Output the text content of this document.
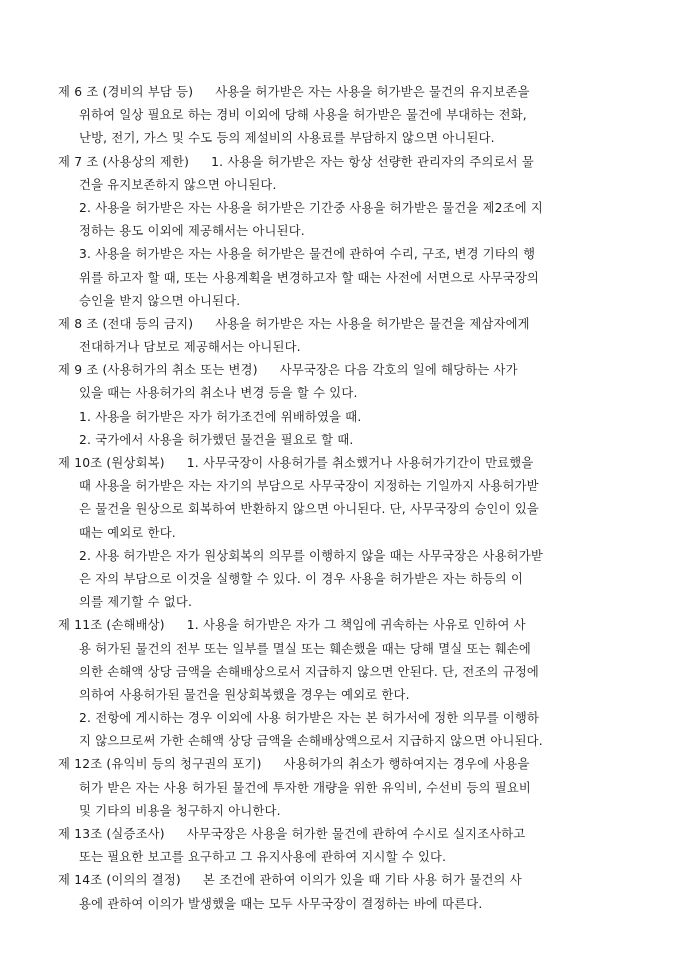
제 6 조 (경비의 부담 등) 사용을 허가받은 자는 사용을 허가받은 물건의 유지보존을
위하여 일상 필요로 하는 경비 이외에 당해 사용을 허가받은 물건에 부대하는 전화,
난방, 전기, 가스 및 수도 등의 제설비의 사용료를 부담하지 않으면 아니된다.
제 7 조 (사용상의 제한) 1. 사용을 허가받은 자는 항상 선량한 관리자의 주의로서 물
건을 유지보존하지 않으면 아니된다.
2. 사용을 허가받은 자는 사용을 허가받은 기간중 사용을 허가받은 물건을 제2조에 지
정하는 용도 이외에 제공해서는 아니된다.
3. 사용을 허가받은 자는 사용을 허가받은 물건에 관하여 수리, 구조, 변경 기타의 행
위를 하고자 할 때, 또는 사용계획을 변경하고자 할 때는 사전에 서면으로 사무국장의
승인을 받지 않으면 아니된다.
제 8 조 (전대 등의 금지) 사용을 허가받은 자는 사용을 허가받은 물건을 제삼자에게
전대하거나 담보로 제공해서는 아니된다.
제 9 조 (사용허가의 취소 또는 변경) 사무국장은 다음 각호의 일에 해당하는 사가
있을 때는 사용허가의 취소나 변경 등을 할 수 있다.
1. 사용을 허가받은 자가 허가조건에 위배하였을 때.
2. 국가에서 사용을 허가했던 물건을 필요로 할 때.
제 10조 (원상회복) 1. 사무국장이 사용허가를 취소했거나 사용허가기간이 만료했을
때 사용을 허가받은 자는 자기의 부담으로 사무국장이 지정하는 기일까지 사용허가받
은 물건을 원상으로 회복하여 반환하지 않으면 아니된다. 단, 사무국장의 승인이 있을
때는 예외로 한다.
2. 사용 허가받은 자가 원상회복의 의무를 이행하지 않을 때는 사무국장은 사용허가받
은 자의 부담으로 이것을 실행할 수 있다. 이 경우 사용을 허가받은 자는 하등의 이
의를 제기할 수 없다.
제 11조 (손해배상) 1. 사용을 허가받은 자가 그 책임에 귀속하는 사유로 인하여 사
용 허가된 물건의 전부 또는 일부를 멸실 또는 훼손했을 때는 당해 멸실 또는 훼손에
의한 손해액 상당 금액을 손해배상으로서 지급하지 않으면 안된다. 단, 전조의 규정에
의하여 사용허가된 물건을 원상회복했을 경우는 예외로 한다.
2. 전항에 게시하는 경우 이외에 사용 허가받은 자는 본 허가서에 정한 의무를 이행하
지 않으므로써 가한 손해액 상당 금액을 손해배상액으로서 지급하지 않으면 아니된다.
제 12조 (유익비 등의 청구권의 포기) 사용허가의 취소가 행하여지는 경우에 사용을
허가 받은 자는 사용 허가된 물건에 투자한 개량을 위한 유익비, 수선비 등의 필요비
및 기타의 비용을 청구하지 아니한다.
제 13조 (실증조사) 사무국장은 사용을 허가한 물건에 관하여 수시로 실지조사하고
또는 필요한 보고를 요구하고 그 유지사용에 관하여 지시할 수 있다.
제 14조 (이의의 결정) 본 조건에 관하여 이의가 있을 때 기타 사용 허가 물건의 사
용에 관하여 이의가 발생했을 때는 모두 사무국장이 결정하는 바에 따른다.
